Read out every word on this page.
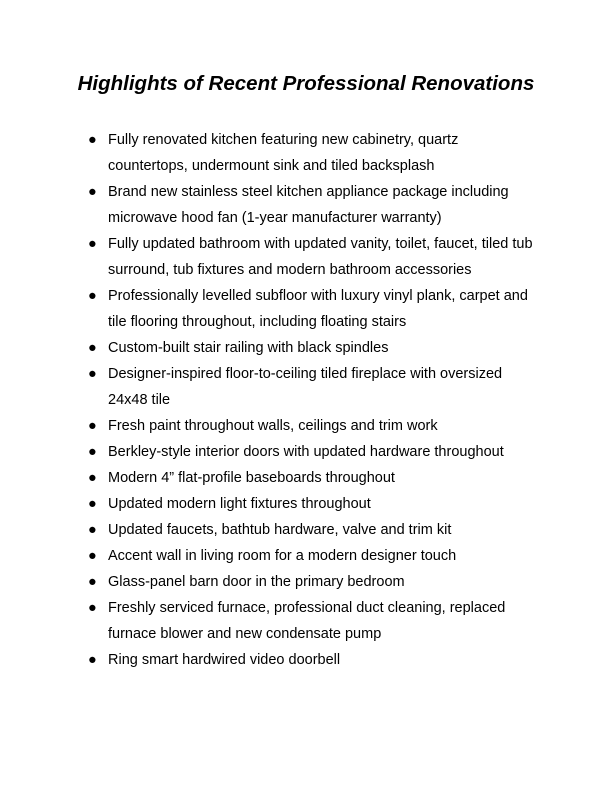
Highlights of Recent Professional Renovations
● Fully renovated kitchen featuring new cabinetry, quartz countertops, undermount sink and tiled backsplash
● Brand new stainless steel kitchen appliance package including microwave hood fan (1-year manufacturer warranty)
● Fully updated bathroom with updated vanity, toilet, faucet, tiled tub surround, tub fixtures and modern bathroom accessories
● Professionally levelled subfloor with luxury vinyl plank, carpet and tile flooring throughout, including floating stairs
● Custom-built stair railing with black spindles
● Designer-inspired floor-to-ceiling tiled fireplace with oversized 24x48 tile
● Fresh paint throughout walls, ceilings and trim work
● Berkley-style interior doors with updated hardware throughout
● Modern 4” flat-profile baseboards throughout
● Updated modern light fixtures throughout
● Updated faucets, bathtub hardware, valve and trim kit
● Accent wall in living room for a modern designer touch
● Glass-panel barn door in the primary bedroom
● Freshly serviced furnace, professional duct cleaning, replaced furnace blower and new condensate pump
● Ring smart hardwired video doorbell
